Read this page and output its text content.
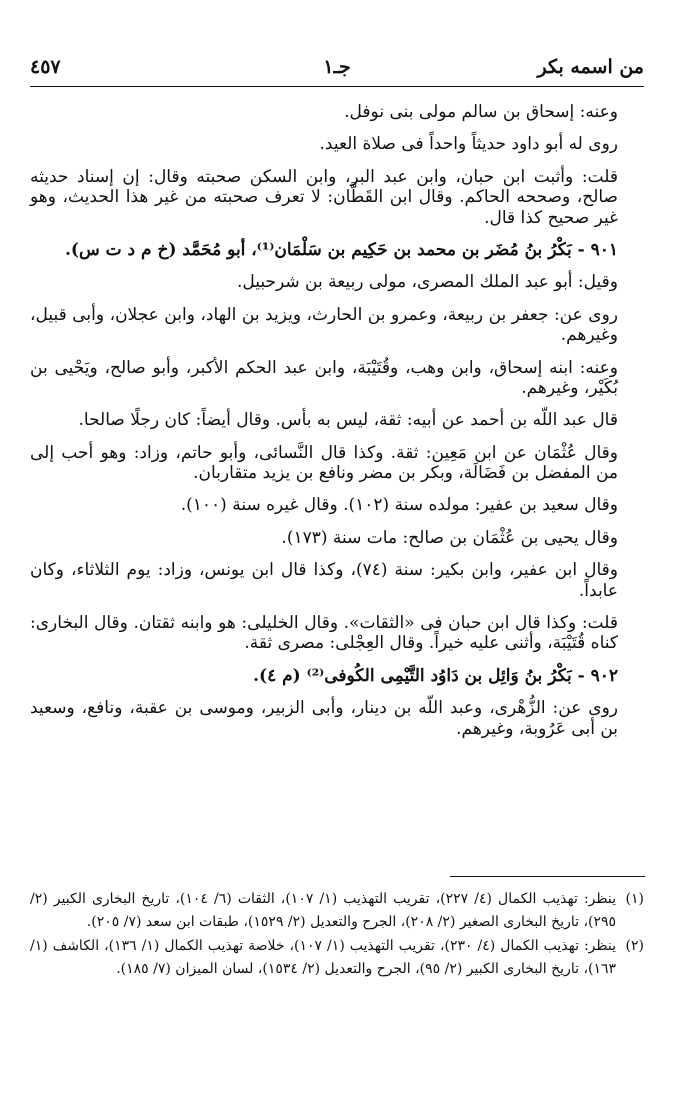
من اسمه بكر
جـ١
٤٥٧

وعنه: إسحاق بن سالم مولى بنى نوفل.

روى له أبو داود حديثاً واحداً فى صلاة العيد.

قلت: وأثبت ابن حبان، وابن عبد البر، وابن السكن صحبته وقال: إن إسناد حديثه صالح، وصححه الحاكم. وقال ابن القَطَّان: لا تعرف صحبته من غير هذا الحديث، وهو غير صحيح كذا قال.

٩٠١ - بَكْرُ بنُ مُضَر بن محمد بن حَكِيم بن سَلْمَان⁽¹⁾، أبو مُحَمَّد (خ م د ت س).

وقيل: أبو عبد الملك المصرى، مولى ربيعة بن شرحبيل.

روى عن: جعفر بن ربيعة، وعمرو بن الحارث، ويزيد بن الهاد، وابن عجلان، وأبى قبيل، وغيرهم.

وعنه: ابنه إسحاق، وابن وهب، وقُتَيْبَة، وابن عبد الحكم الأكبر، وأبو صالح، ويَحْيى بن بُكَيْر، وغيرهم.

قال عبد اللّه بن أحمد عن أبيه: ثقة، ليس به بأس. وقال أيضاً: كان رجلًا صالحا.

وقال عُثْمَان عن ابن مَعِين: ثقة. وكذا قال النَّسائى، وأبو حاتم، وزاد: وهو أحب إلى من المفضل بن فَضَالَة، وبكر بن مضر ونافع بن يزيد متقاربان.

وقال سعيد بن عفير: مولده سنة (١٠٢). وقال غيره سنة (١٠٠).

وقال يحيى بن عُثْمَان بن صالح: مات سنة (١٧٣).

وقال ابن عفير، وابن بكير: سنة (٧٤)، وكذا قال ابن يونس، وزاد: يوم الثلاثاء، وكان عابداً.

قلت: وكذا قال ابن حبان فى «الثقات». وقال الخليلى: هو وابنه ثقتان. وقال البخارى: كناه قُتَيْبَة، وأثنى عليه خيراً. وقال العِجْلى: مصرى ثقة.

٩٠٢ - بَكْرُ بنُ وَائِل بن دَاوُد التَّيْمِى الكُوفى⁽²⁾ (م ٤).

روى عن: الزُّهْرى، وعبد اللّه بن دينار، وأبى الزبير، وموسى بن عقبة، ونافع، وسعيد بن أبى عَرُوبة، وغيرهم.

(١)
ينظر: تهذيب الكمال (٤/ ٢٢٧)، تقريب التهذيب (١/ ١٠٧)، الثقات (٦/ ١٠٤)، تاريخ البخارى الكبير (٢/ ٢٩٥)، تاريخ البخارى الصغير (٢/ ٢٠٨)، الجرح والتعديل (٢/ ١٥٢٩)، طبقات ابن سعد (٧/ ٢٠٥).
(٢)
ينظر: تهذيب الكمال (٤/ ٢٣٠)، تقريب التهذيب (١/ ١٠٧)، خلاصة تهذيب الكمال (١/ ١٣٦)، الكاشف (١/ ١٦٣)، تاريخ البخارى الكبير (٢/ ٩٥)، الجرح والتعديل (٢/ ١٥٣٤)، لسان الميزان (٧/ ١٨٥).
